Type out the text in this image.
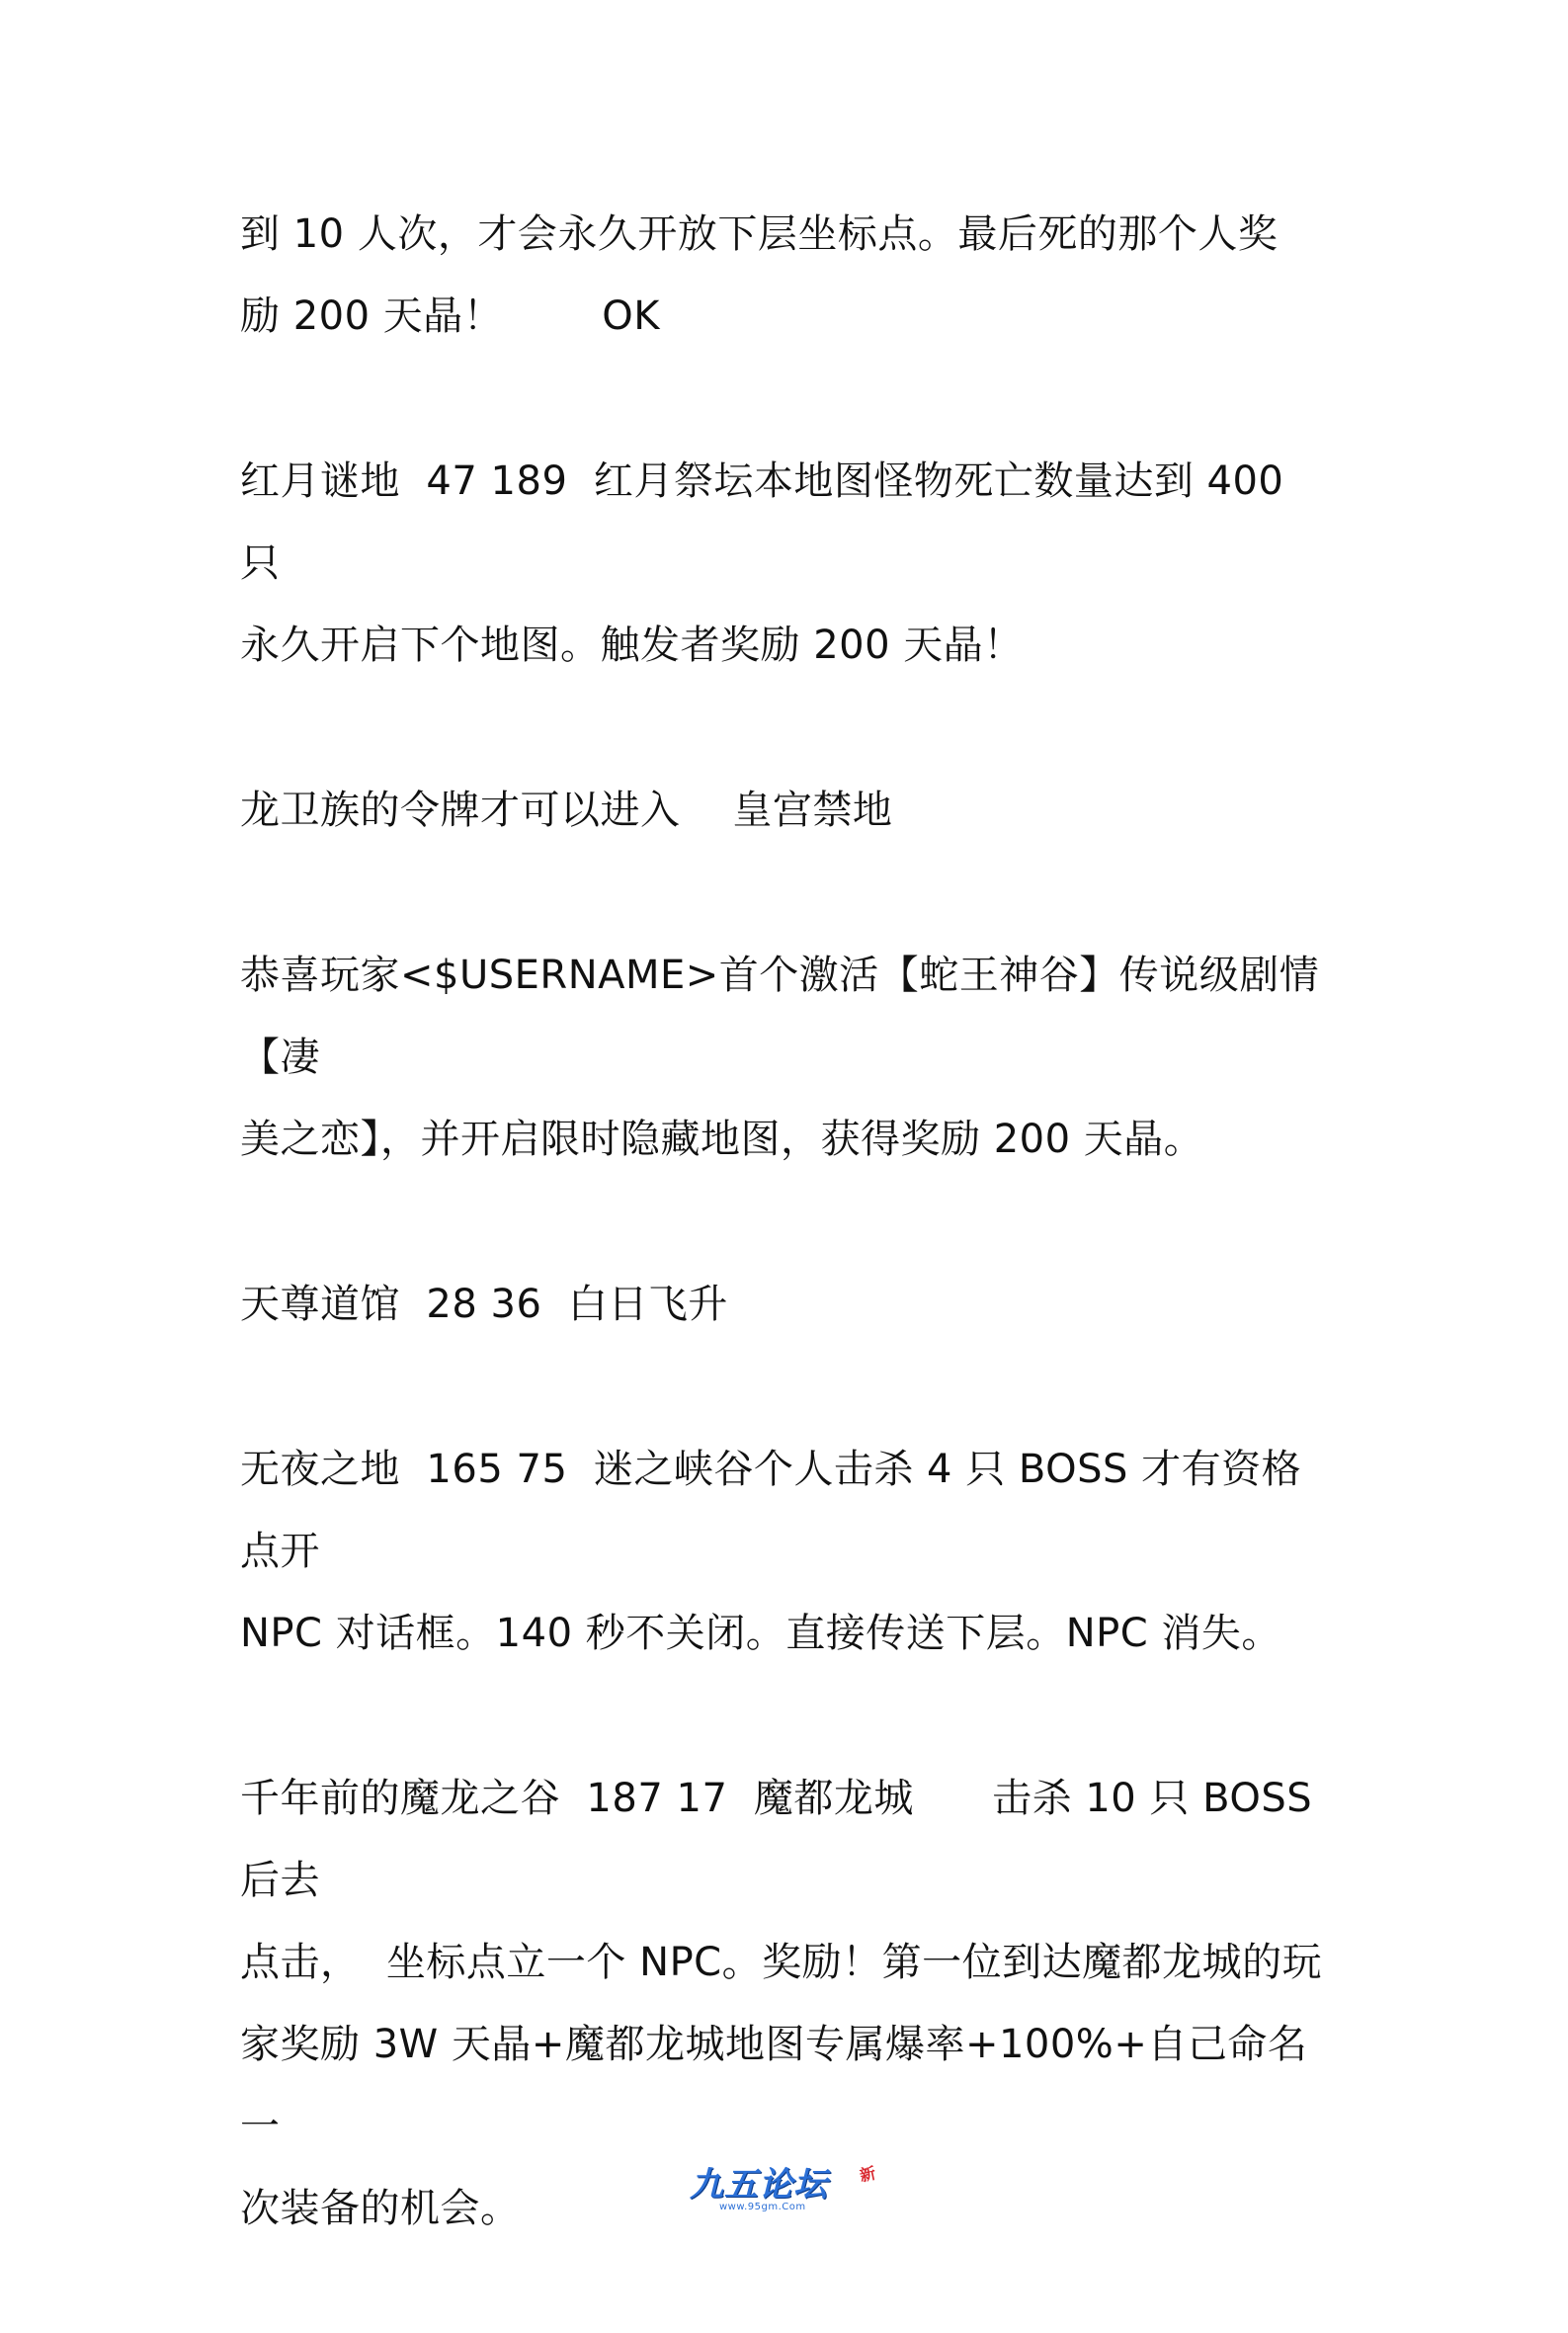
到 10 人次，才会永久开放下层坐标点。最后死的那个人奖
励 200 天晶！	OK
红月谜地  47 189  红月祭坛本地图怪物死亡数量达到 400 只
永久开启下个地图。触发者奖励 200 天晶！
龙卫族的令牌才可以进入    皇宫禁地
恭喜玩家<$USERNAME>首个激活【蛇王神谷】传说级剧情【凄
美之恋】，并开启限时隐藏地图，获得奖励 200 天晶。
天尊道馆  28 36  白日飞升
无夜之地  165 75  迷之峡谷个人击杀 4 只 BOSS 才有资格点开
NPC 对话框。140 秒不关闭。直接传送下层。NPC 消失。
千年前的魔龙之谷  187 17  魔都龙城      击杀 10 只 BOSS 后去
点击，  坐标点立一个 NPC。奖励！第一位到达魔都龙城的玩
家奖励 3W 天晶+魔都龙城地图专属爆率+100%+自己命名一
次装备的机会。
九五论坛
www.95gm.Com
新
